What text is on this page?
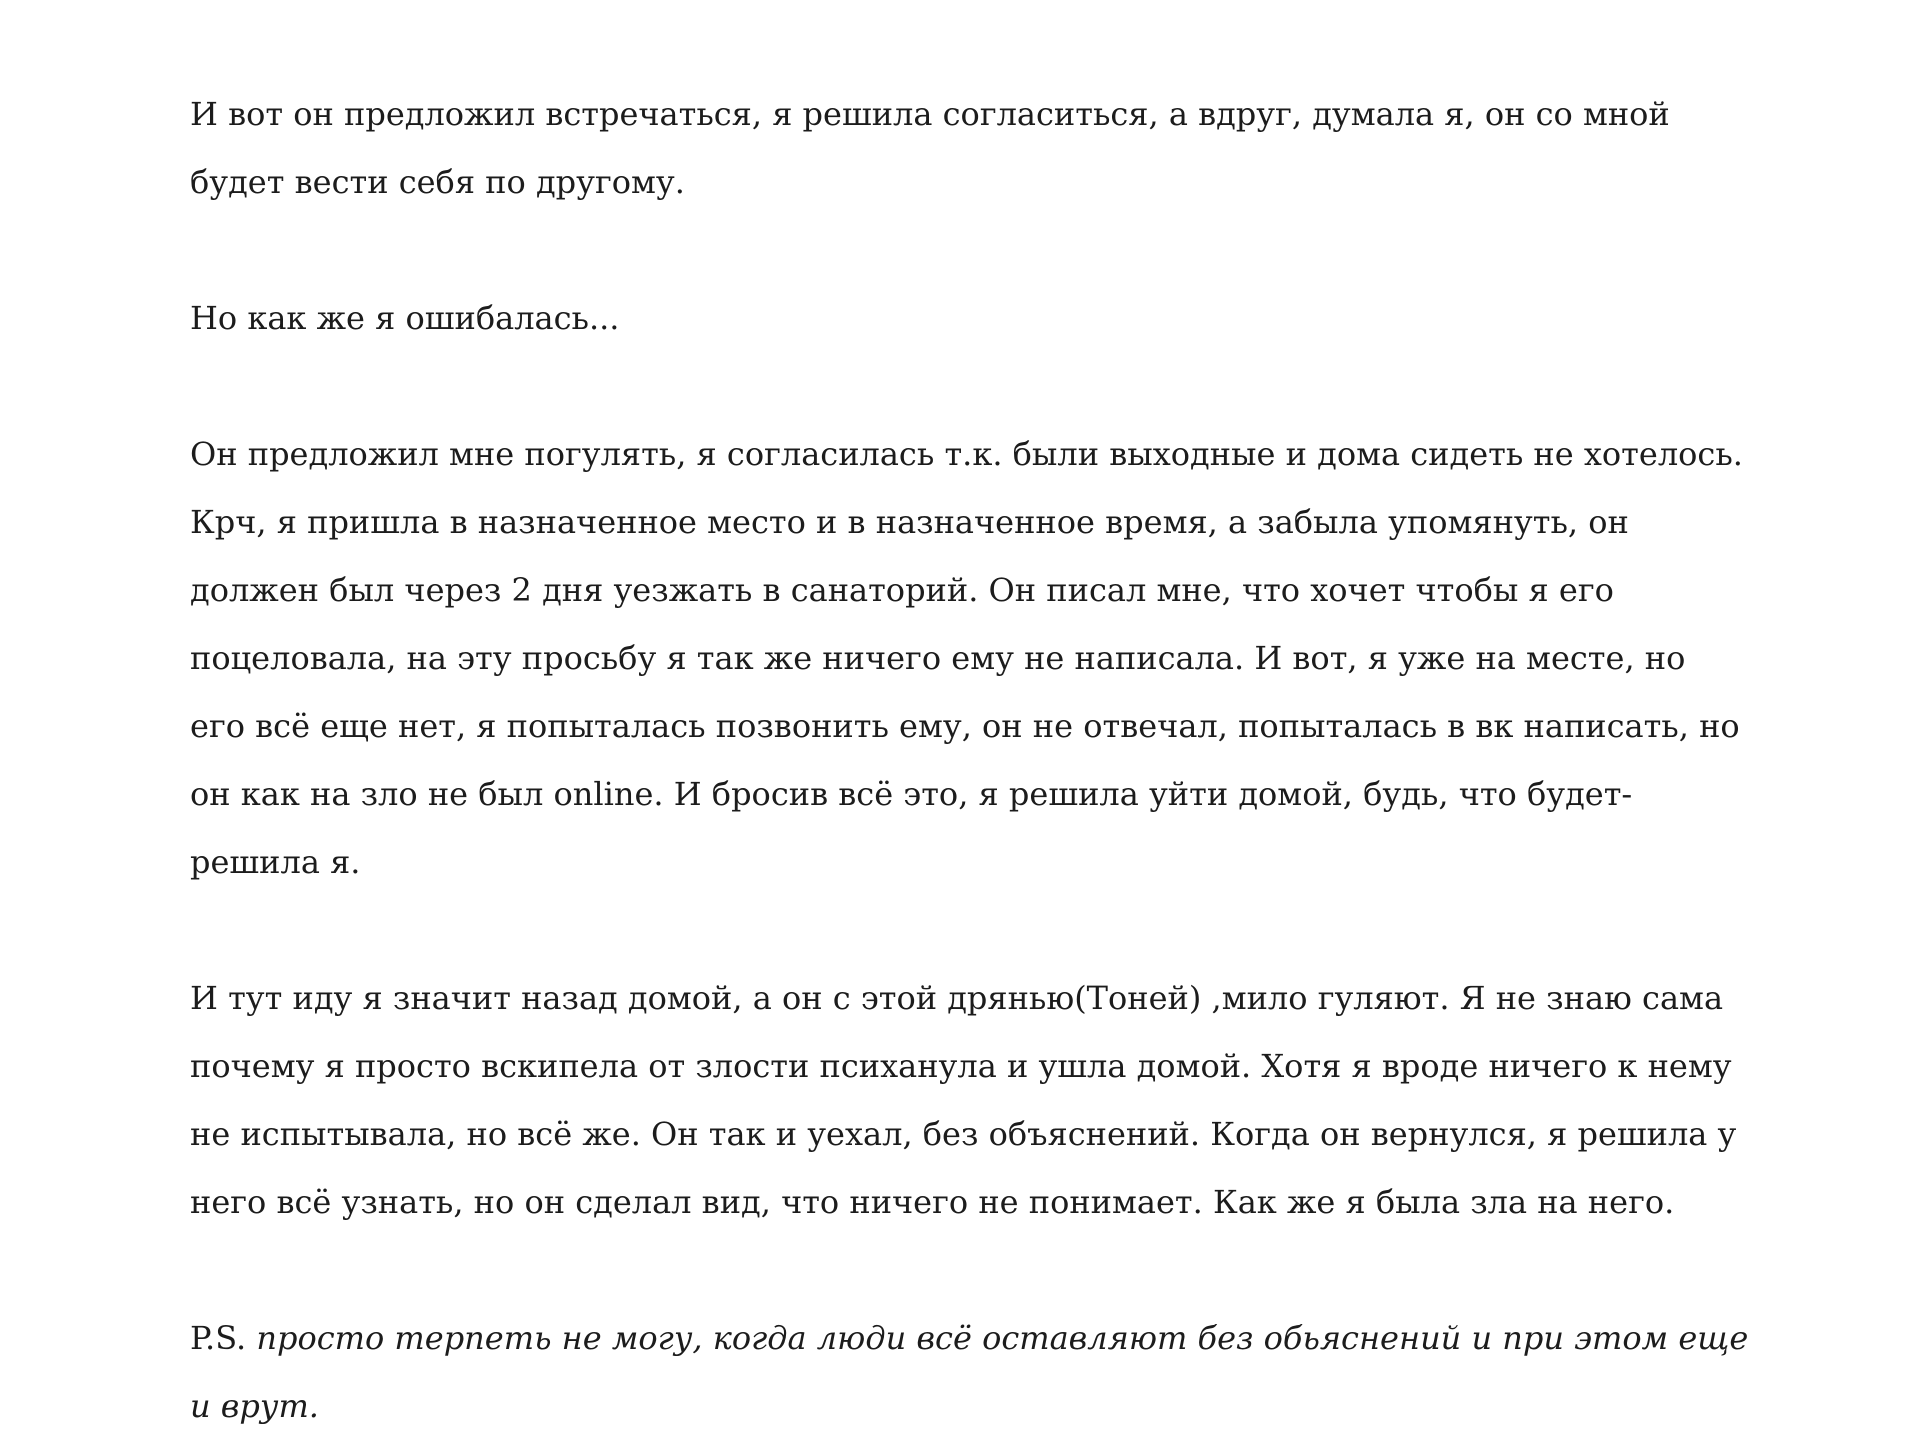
И вот он предложил встречаться, я решила согласиться, а вдруг, думала я, он со мной будет вести себя по другому.

Но как же я ошибалась...

Он предложил мне погулять, я согласилась т.к. были выходные и дома сидеть не хотелось. Крч, я пришла в назначенное место и в назначенное время, а забыла упомянуть, он должен был через 2 дня уезжать в санаторий. Он писал мне, что хочет чтобы я его поцеловала, на эту просьбу я так же ничего ему не написала. И вот, я уже на месте, но его всё еще нет, я попыталась позвонить ему, он не отвечал, попыталась в вк написать, но он как на зло не был online. И бросив всё это, я решила уйти домой, будь, что будет-решила я.

И тут иду я значит назад домой, а он с этой дрянью(Тоней) ,мило гуляют. Я не знаю сама почему я просто вскипела от злости психанула и ушла домой. Хотя я вроде ничего к нему не испытывала, но всё же. Он так и уехал, без объяснений. Когда он вернулся, я решила у него всё узнать, но он сделал вид, что ничего не понимает. Как же я была зла на него.

P.S. просто терпеть не могу, когда люди всё оставляют без обьяснений и при этом еще и врут.
